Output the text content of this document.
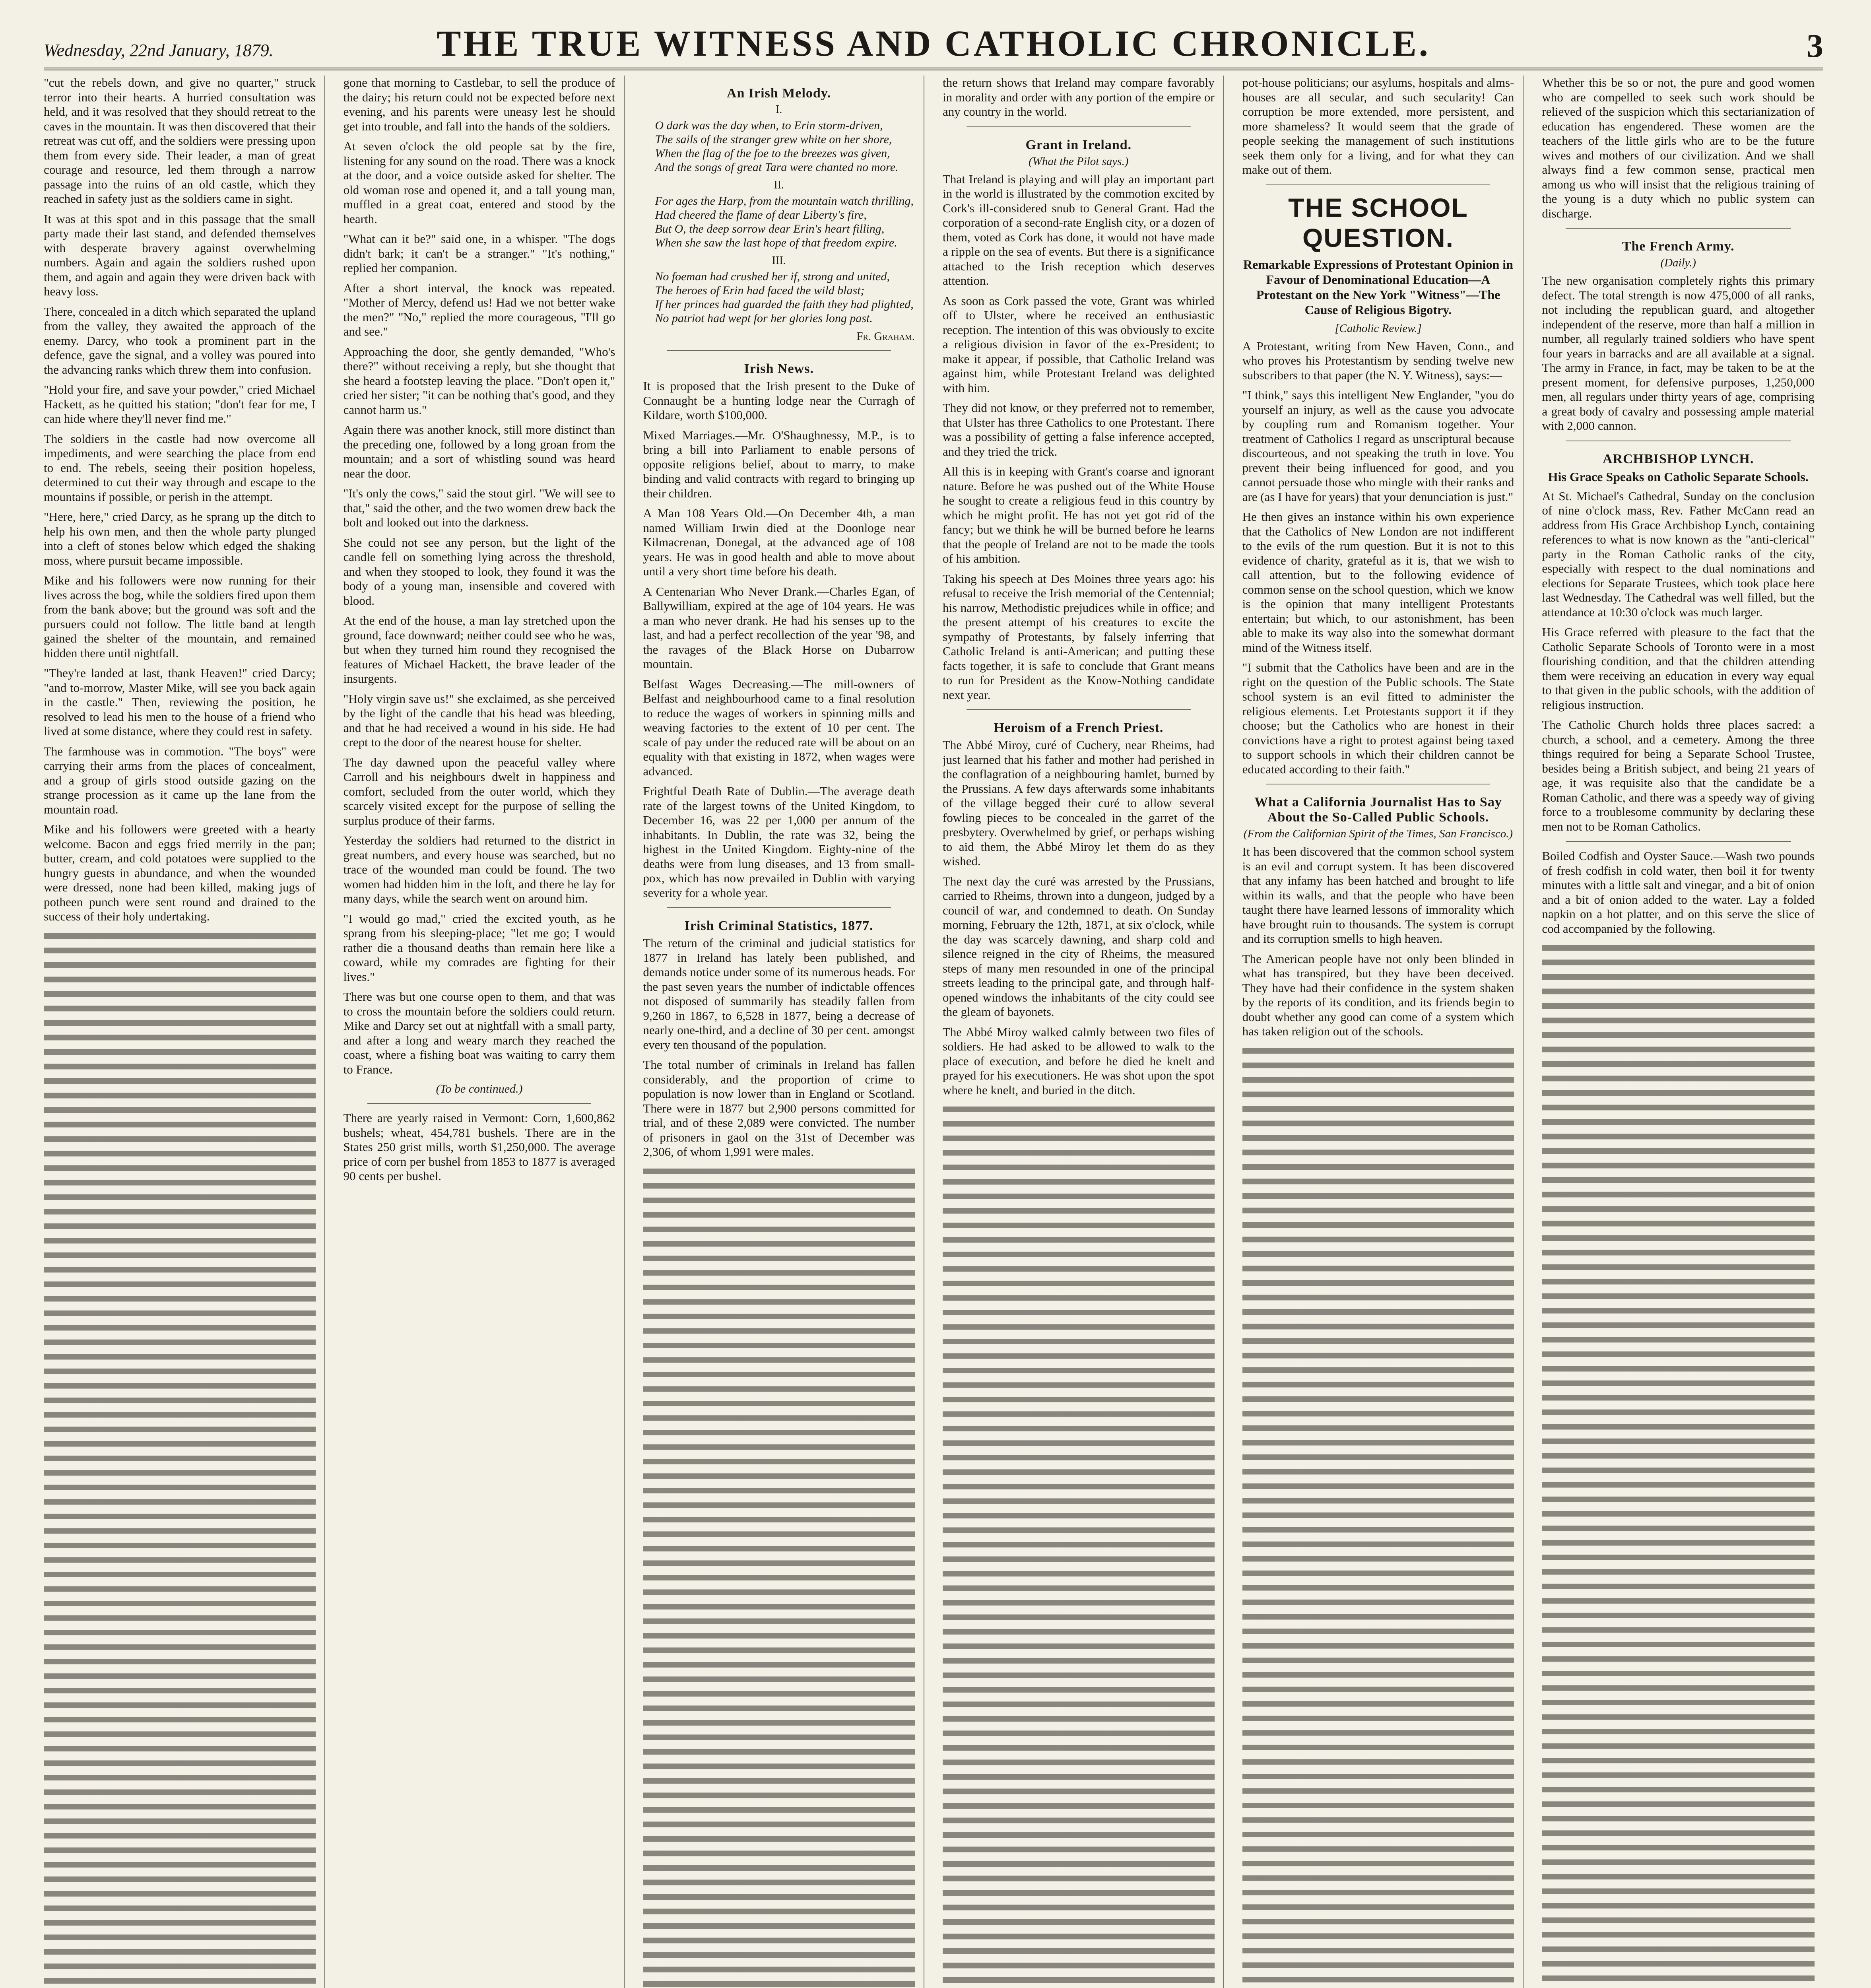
Wednesday, 22nd January, 1879.	THE TRUE WITNESS AND CATHOLIC CHRONICLE.	3

"cut the rebels down, and give no quarter," struck terror into their hearts. A hurried consultation was held, and it was resolved that they should retreat to the caves in the mountain. It was then discovered that their retreat was cut off, and the soldiers were pressing upon them from every side. Their leader, a man of great courage and resource, led them through a narrow passage into the ruins of an old castle, which they reached in safety just as the soldiers came in sight.

It was at this spot and in this passage that the small party made their last stand, and defended themselves with desperate bravery against overwhelming numbers. Again and again the soldiers rushed upon them, and again and again they were driven back with heavy loss.

There, concealed in a ditch which separated the upland from the valley, they awaited the approach of the enemy. Darcy, who took a prominent part in the defence, gave the signal, and a volley was poured into the advancing ranks which threw them into confusion.

"Hold your fire, and save your powder," cried Michael Hackett, as he quitted his station; "don't fear for me, I can hide where they'll never find me."

The soldiers in the castle had now overcome all impediments, and were searching the place from end to end. The rebels, seeing their position hopeless, determined to cut their way through and escape to the mountains if possible, or perish in the attempt.

"Here, here," cried Darcy, as he sprang up the ditch to help his own men, and then the whole party plunged into a cleft of stones below which edged the shaking moss, where pursuit became impossible.

Mike and his followers were now running for their lives across the bog, while the soldiers fired upon them from the bank above; but the ground was soft and the pursuers could not follow. The little band at length gained the shelter of the mountain, and remained hidden there until nightfall.

"They're landed at last, thank Heaven!" cried Darcy; "and to-morrow, Master Mike, will see you back again in the castle." Then, reviewing the position, he resolved to lead his men to the house of a friend who lived at some distance, where they could rest in safety.

The farmhouse was in commotion. "The boys" were carrying their arms from the places of concealment, and a group of girls stood outside gazing on the strange procession as it came up the lane from the mountain road.

Mike and his followers were greeted with a hearty welcome. Bacon and eggs fried merrily in the pan; butter, cream, and cold potatoes were supplied to the hungry guests in abundance, and when the wounded were dressed, none had been killed, making jugs of potheen punch were sent round and drained to the success of their holy undertaking.

gone that morning to Castlebar, to sell the produce of the dairy; his return could not be expected before next evening, and his parents were uneasy lest he should get into trouble, and fall into the hands of the soldiers.

At seven o'clock the old people sat by the fire, listening for any sound on the road. There was a knock at the door, and a voice outside asked for shelter. The old woman rose and opened it, and a tall young man, muffled in a great coat, entered and stood by the hearth.

"What can it be?" said one, in a whisper. "The dogs didn't bark; it can't be a stranger." "It's nothing," replied her companion.

After a short interval, the knock was repeated. "Mother of Mercy, defend us! Had we not better wake the men?" "No," replied the more courageous, "I'll go and see."

Approaching the door, she gently demanded, "Who's there?" without receiving a reply, but she thought that she heard a footstep leaving the place. "Don't open it," cried her sister; "it can be nothing that's good, and they cannot harm us."

Again there was another knock, still more distinct than the preceding one, followed by a long groan from the mountain; and a sort of whistling sound was heard near the door.

"It's only the cows," said the stout girl. "We will see to that," said the other, and the two women drew back the bolt and looked out into the darkness.

She could not see any person, but the light of the candle fell on something lying across the threshold, and when they stooped to look, they found it was the body of a young man, insensible and covered with blood.

At the end of the house, a man lay stretched upon the ground, face downward; neither could see who he was, but when they turned him round they recognised the features of Michael Hackett, the brave leader of the insurgents.

"Holy virgin save us!" she exclaimed, as she perceived by the light of the candle that his head was bleeding, and that he had received a wound in his side. He had crept to the door of the nearest house for shelter.

The day dawned upon the peaceful valley where Carroll and his neighbours dwelt in happiness and comfort, secluded from the outer world, which they scarcely visited except for the purpose of selling the surplus produce of their farms.

Yesterday the soldiers had returned to the district in great numbers, and every house was searched, but no trace of the wounded man could be found. The two women had hidden him in the loft, and there he lay for many days, while the search went on around him.

"I would go mad," cried the excited youth, as he sprang from his sleeping-place; "let me go; I would rather die a thousand deaths than remain here like a coward, while my comrades are fighting for their lives."

There was but one course open to them, and that was to cross the mountain before the soldiers could return. Mike and Darcy set out at nightfall with a small party, and after a long and weary march they reached the coast, where a fishing boat was waiting to carry them to France.

(To be continued.)

There are yearly raised in Vermont: Corn, 1,600,862 bushels; wheat, 454,781 bushels. There are in the States 250 grist mills, worth $1,250,000. The average price of corn per bushel from 1853 to 1877 is averaged 90 cents per bushel.

An Irish Melody.
I.
O dark was the day when, to Erin storm-driven,
The sails of the stranger grew white on her shore,
When the flag of the foe to the breezes was given,
And the songs of great Tara were chanted no more.
II.
For ages the Harp, from the mountain watch thrilling,
Had cheered the flame of dear Liberty's fire,
But O, the deep sorrow dear Erin's heart filling,
When she saw the last hope of that freedom expire.
III.
No foeman had crushed her if, strong and united,
The heroes of Erin had faced the wild blast;
If her princes had guarded the faith they had plighted,
No patriot had wept for her glories long past.
Fr. Graham.
Irish News.

It is proposed that the Irish present to the Duke of Connaught be a hunting lodge near the Curragh of Kildare, worth $100,000.

Mixed Marriages.—Mr. O'Shaughnessy, M.P., is to bring a bill into Parliament to enable persons of opposite religions belief, about to marry, to make binding and valid contracts with regard to bringing up their children.

A Man 108 Years Old.—On December 4th, a man named William Irwin died at the Doonloge near Kilmacrenan, Donegal, at the advanced age of 108 years. He was in good health and able to move about until a very short time before his death.

A Centenarian Who Never Drank.—Charles Egan, of Ballywilliam, expired at the age of 104 years. He was a man who never drank. He had his senses up to the last, and had a perfect recollection of the year '98, and the ravages of the Black Horse on Dubarrow mountain.

Belfast Wages Decreasing.—The mill-owners of Belfast and neighbourhood came to a final resolution to reduce the wages of workers in spinning mills and weaving factories to the extent of 10 per cent. The scale of pay under the reduced rate will be about on an equality with that existing in 1872, when wages were advanced.

Frightful Death Rate of Dublin.—The average death rate of the largest towns of the United Kingdom, to December 16, was 22 per 1,000 per annum of the inhabitants. In Dublin, the rate was 32, being the highest in the United Kingdom. Eighty-nine of the deaths were from lung diseases, and 13 from small-pox, which has now prevailed in Dublin with varying severity for a whole year.

Irish Criminal Statistics, 1877.

The return of the criminal and judicial statistics for 1877 in Ireland has lately been published, and demands notice under some of its numerous heads. For the past seven years the number of indictable offences not disposed of summarily has steadily fallen from 9,260 in 1867, to 6,528 in 1877, being a decrease of nearly one-third, and a decline of 30 per cent. amongst every ten thousand of the population.

The total number of criminals in Ireland has fallen considerably, and the proportion of crime to population is now lower than in England or Scotland. There were in 1877 but 2,900 persons committed for trial, and of these 2,089 were convicted. The number of prisoners in gaol on the 31st of December was 2,306, of whom 1,991 were males.

the return shows that Ireland may compare favorably in morality and order with any portion of the empire or any country in the world.

Grant in Ireland.
(What the Pilot says.)

That Ireland is playing and will play an important part in the world is illustrated by the commotion excited by Cork's ill-considered snub to General Grant. Had the corporation of a second-rate English city, or a dozen of them, voted as Cork has done, it would not have made a ripple on the sea of events. But there is a significance attached to the Irish reception which deserves attention.

As soon as Cork passed the vote, Grant was whirled off to Ulster, where he received an enthusiastic reception. The intention of this was obviously to excite a religious division in favor of the ex-President; to make it appear, if possible, that Catholic Ireland was against him, while Protestant Ireland was delighted with him.

They did not know, or they preferred not to remember, that Ulster has three Catholics to one Protestant. There was a possibility of getting a false inference accepted, and they tried the trick.

All this is in keeping with Grant's coarse and ignorant nature. Before he was pushed out of the White House he sought to create a religious feud in this country by which he might profit. He has not yet got rid of the fancy; but we think he will be burned before he learns that the people of Ireland are not to be made the tools of his ambition.

Taking his speech at Des Moines three years ago: his refusal to receive the Irish memorial of the Centennial; his narrow, Methodistic prejudices while in office; and the present attempt of his creatures to excite the sympathy of Protestants, by falsely inferring that Catholic Ireland is anti-American; and putting these facts together, it is safe to conclude that Grant means to run for President as the Know-Nothing candidate next year.

Heroism of a French Priest.

The Abbé Miroy, curé of Cuchery, near Rheims, had just learned that his father and mother had perished in the conflagration of a neighbouring hamlet, burned by the Prussians. A few days afterwards some inhabitants of the village begged their curé to allow several fowling pieces to be concealed in the garret of the presbytery. Overwhelmed by grief, or perhaps wishing to aid them, the Abbé Miroy let them do as they wished.

The next day the curé was arrested by the Prussians, carried to Rheims, thrown into a dungeon, judged by a council of war, and condemned to death. On Sunday morning, February the 12th, 1871, at six o'clock, while the day was scarcely dawning, and sharp cold and silence reigned in the city of Rheims, the measured steps of many men resounded in one of the principal streets leading to the principal gate, and through half-opened windows the inhabitants of the city could see the gleam of bayonets.

The Abbé Miroy walked calmly between two files of soldiers. He had asked to be allowed to walk to the place of execution, and before he died he knelt and prayed for his executioners. He was shot upon the spot where he knelt, and buried in the ditch.

pot-house politicians; our asylums, hospitals and alms-houses are all secular, and such secularity! Can corruption be more extended, more persistent, and more shameless? It would seem that the grade of people seeking the management of such institutions seek them only for a living, and for what they can make out of them.

THE SCHOOL QUESTION.
Remarkable Expressions of Protestant Opinion in Favour of Denominational Education—A Protestant on the New York "Witness"—The Cause of Religious Bigotry.
[Catholic Review.]

A Protestant, writing from New Haven, Conn., and who proves his Protestantism by sending twelve new subscribers to that paper (the N. Y. Witness), says:—

"I think," says this intelligent New Englander, "you do yourself an injury, as well as the cause you advocate by coupling rum and Romanism together. Your treatment of Catholics I regard as unscriptural because discourteous, and not speaking the truth in love. You prevent their being influenced for good, and you cannot persuade those who mingle with their ranks and are (as I have for years) that your denunciation is just."

He then gives an instance within his own experience that the Catholics of New London are not indifferent to the evils of the rum question. But it is not to this evidence of charity, grateful as it is, that we wish to call attention, but to the following evidence of common sense on the school question, which we know is the opinion that many intelligent Protestants entertain; but which, to our astonishment, has been able to make its way also into the somewhat dormant mind of the Witness itself.

"I submit that the Catholics have been and are in the right on the question of the Public schools. The State school system is an evil fitted to administer the religious elements. Let Protestants support it if they choose; but the Catholics who are honest in their convictions have a right to protest against being taxed to support schools in which their children cannot be educated according to their faith."

What a California Journalist Has to Say About the So-Called Public Schools.
(From the Californian Spirit of the Times, San Francisco.)

It has been discovered that the common school system is an evil and corrupt system. It has been discovered that any infamy has been hatched and brought to life within its walls, and that the people who have been taught there have learned lessons of immorality which have brought ruin to thousands. The system is corrupt and its corruption smells to high heaven.

The American people have not only been blinded in what has transpired, but they have been deceived. They have had their confidence in the system shaken by the reports of its condition, and its friends begin to doubt whether any good can come of a system which has taken religion out of the schools.

Whether this be so or not, the pure and good women who are compelled to seek such work should be relieved of the suspicion which this sectarianization of education has engendered. These women are the teachers of the little girls who are to be the future wives and mothers of our civilization. And we shall always find a few common sense, practical men among us who will insist that the religious training of the young is a duty which no public system can discharge.

The French Army.
(Daily.)

The new organisation completely rights this primary defect. The total strength is now 475,000 of all ranks, not including the republican guard, and altogether independent of the reserve, more than half a million in number, all regularly trained soldiers who have spent four years in barracks and are all available at a signal. The army in France, in fact, may be taken to be at the present moment, for defensive purposes, 1,250,000 men, all regulars under thirty years of age, comprising a great body of cavalry and possessing ample material with 2,000 cannon.

ARCHBISHOP LYNCH.
His Grace Speaks on Catholic Separate Schools.

At St. Michael's Cathedral, Sunday on the conclusion of nine o'clock mass, Rev. Father McCann read an address from His Grace Archbishop Lynch, containing references to what is now known as the "anti-clerical" party in the Roman Catholic ranks of the city, especially with respect to the dual nominations and elections for Separate Trustees, which took place here last Wednesday. The Cathedral was well filled, but the attendance at 10:30 o'clock was much larger.

His Grace referred with pleasure to the fact that the Catholic Separate Schools of Toronto were in a most flourishing condition, and that the children attending them were receiving an education in every way equal to that given in the public schools, with the addition of religious instruction.

The Catholic Church holds three places sacred: a church, a school, and a cemetery. Among the three things required for being a Separate School Trustee, besides being a British subject, and being 21 years of age, it was requisite also that the candidate be a Roman Catholic, and there was a speedy way of giving force to a troublesome community by declaring these men not to be Roman Catholics.

Boiled Codfish and Oyster Sauce.—Wash two pounds of fresh codfish in cold water, then boil it for twenty minutes with a little salt and vinegar, and a bit of onion and a bit of onion added to the water. Lay a folded napkin on a hot platter, and on this serve the slice of cod accompanied by the following.
